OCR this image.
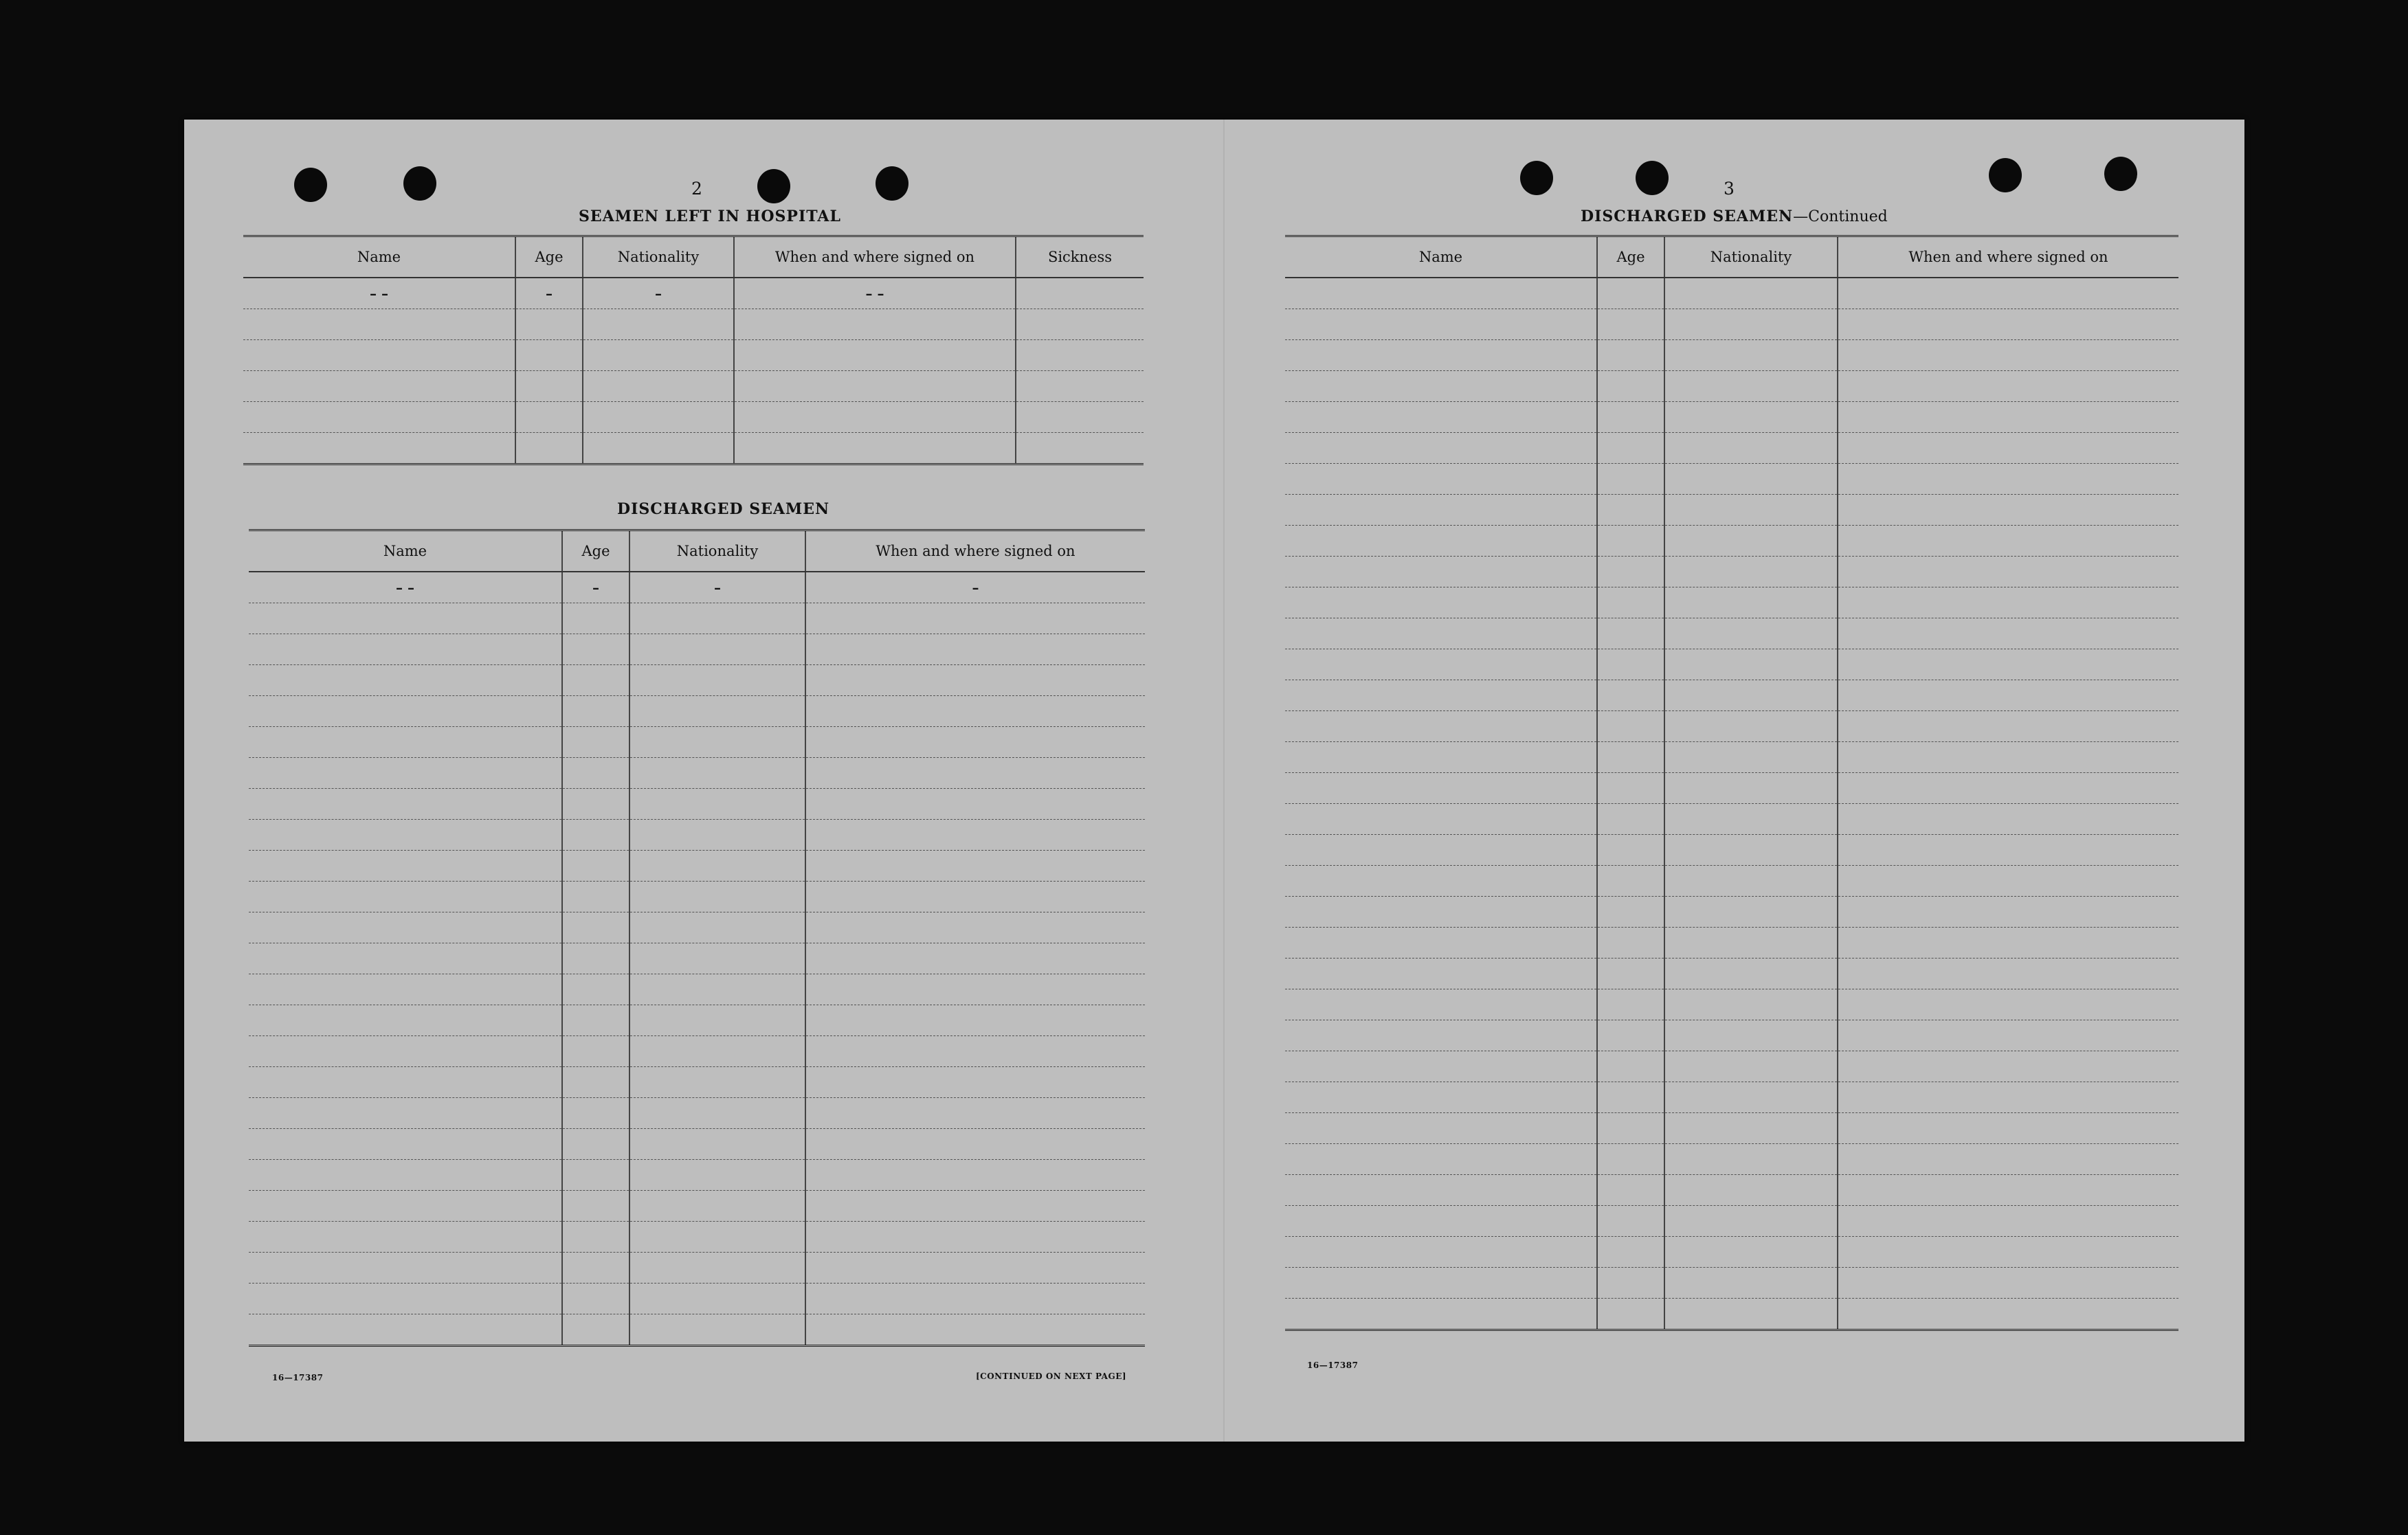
2
SEAMEN LEFT IN HOSPITAL
Name	Age	Nationality	When and where signed on	Sickness
– –	–	–	– –	

DISCHARGED SEAMEN
Name	Age	Nationality	When and where signed on
– –	–	–	–

16—17387	[CONTINUED ON NEXT PAGE]
3
DISCHARGED SEAMEN—Continued
Name	Age	Nationality	When and where signed on

16—17387
